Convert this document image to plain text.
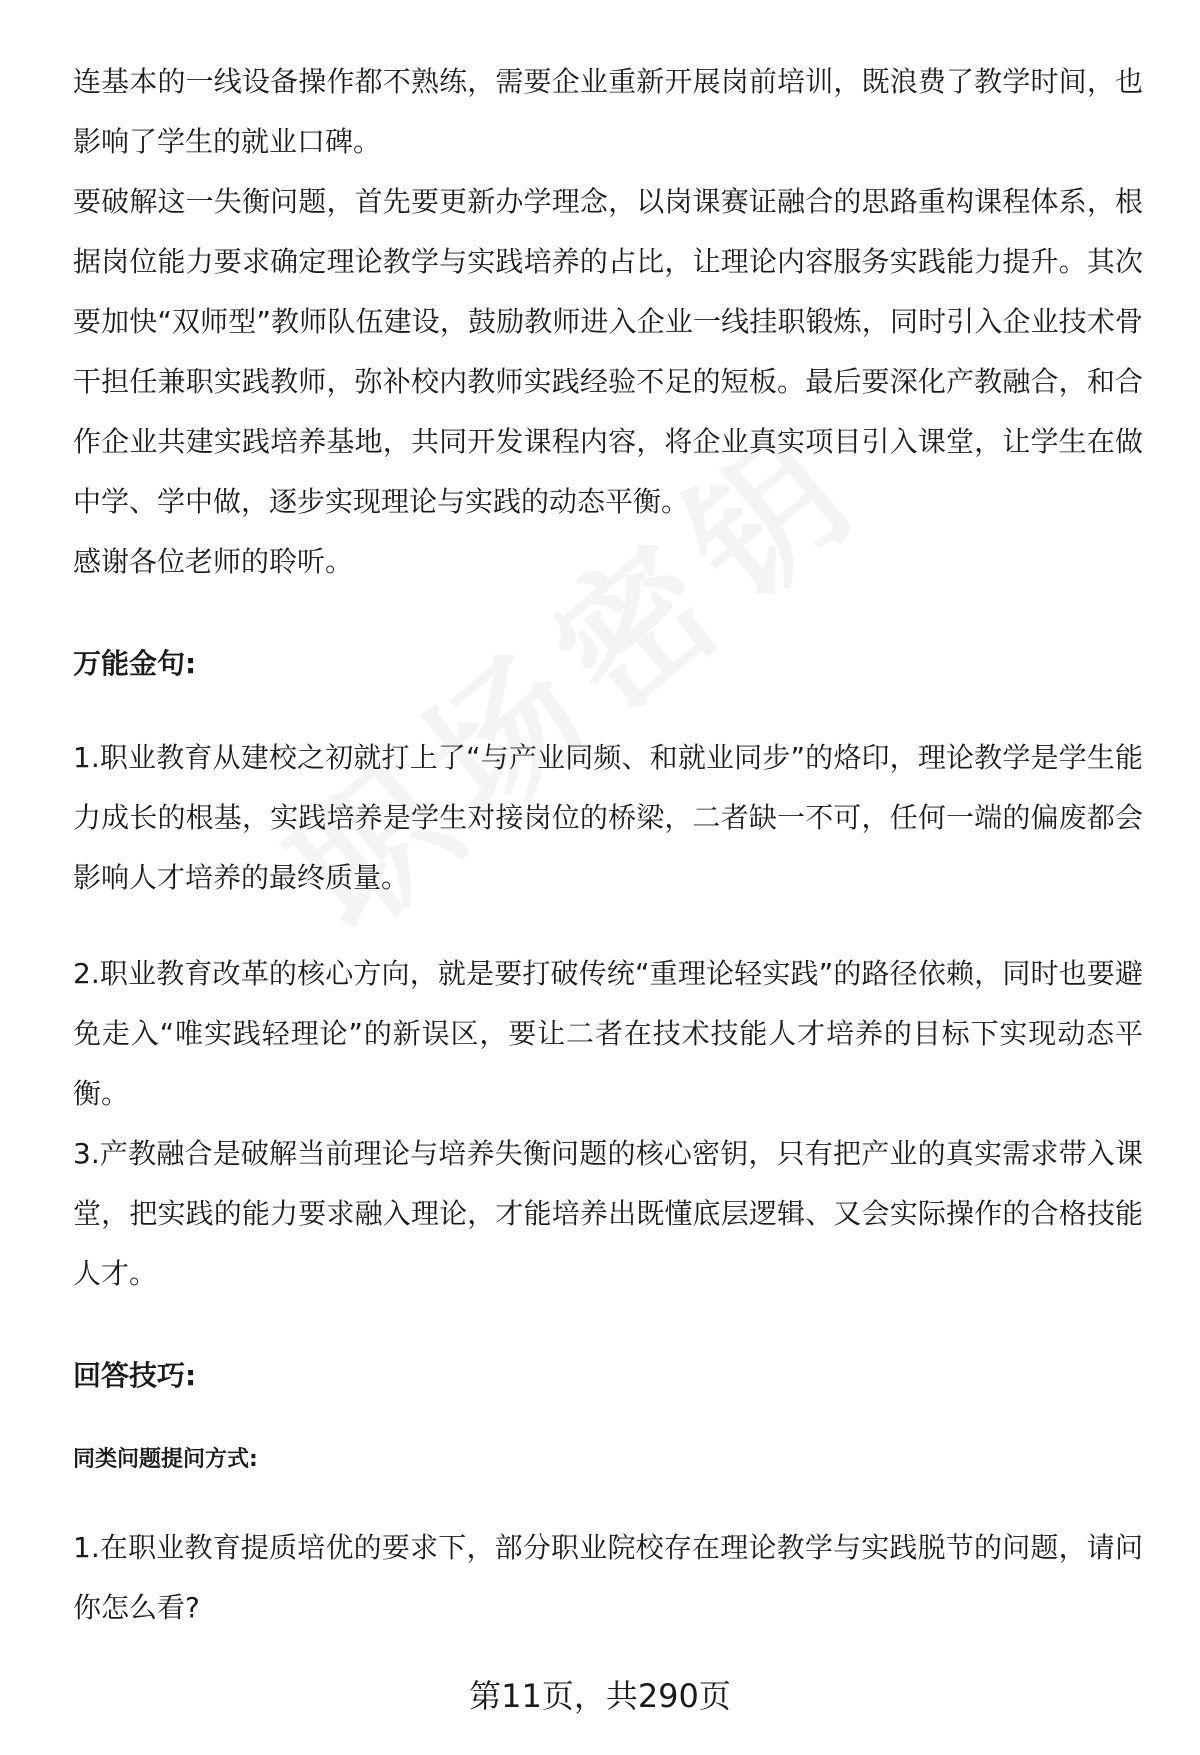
连基本的一线设备操作都不熟练，需要企业重新开展岗前培训，既浪费了教学时间，也影响了学生的就业口碑。

要破解这一失衡问题，首先要更新办学理念，以岗课赛证融合的思路重构课程体系，根据岗位能力要求确定理论教学与实践培养的占比，让理论内容服务实践能力提升。其次要加快“双师型”教师队伍建设，鼓励教师进入企业一线挂职锻炼，同时引入企业技术骨干担任兼职实践教师，弥补校内教师实践经验不足的短板。最后要深化产教融合，和合作企业共建实践培养基地，共同开发课程内容，将企业真实项目引入课堂，让学生在做中学、学中做，逐步实现理论与实践的动态平衡。

感谢各位老师的聆听。

万能金句:

1.职业教育从建校之初就打上了“与产业同频、和就业同步”的烙印，理论教学是学生能力成长的根基，实践培养是学生对接岗位的桥梁，二者缺一不可，任何一端的偏废都会影响人才培养的最终质量。

2.职业教育改革的核心方向，就是要打破传统“重理论轻实践”的路径依赖，同时也要避免走入“唯实践轻理论”的新误区，要让二者在技术技能人才培养的目标下实现动态平衡。

3.产教融合是破解当前理论与培养失衡问题的核心密钥，只有把产业的真实需求带入课堂，把实践的能力要求融入理论，才能培养出既懂底层逻辑、又会实际操作的合格技能人才。

回答技巧:

同类问题提问方式:

1.在职业教育提质培优的要求下，部分职业院校存在理论教学与实践脱节的问题，请问你怎么看?

第11页，共290页
